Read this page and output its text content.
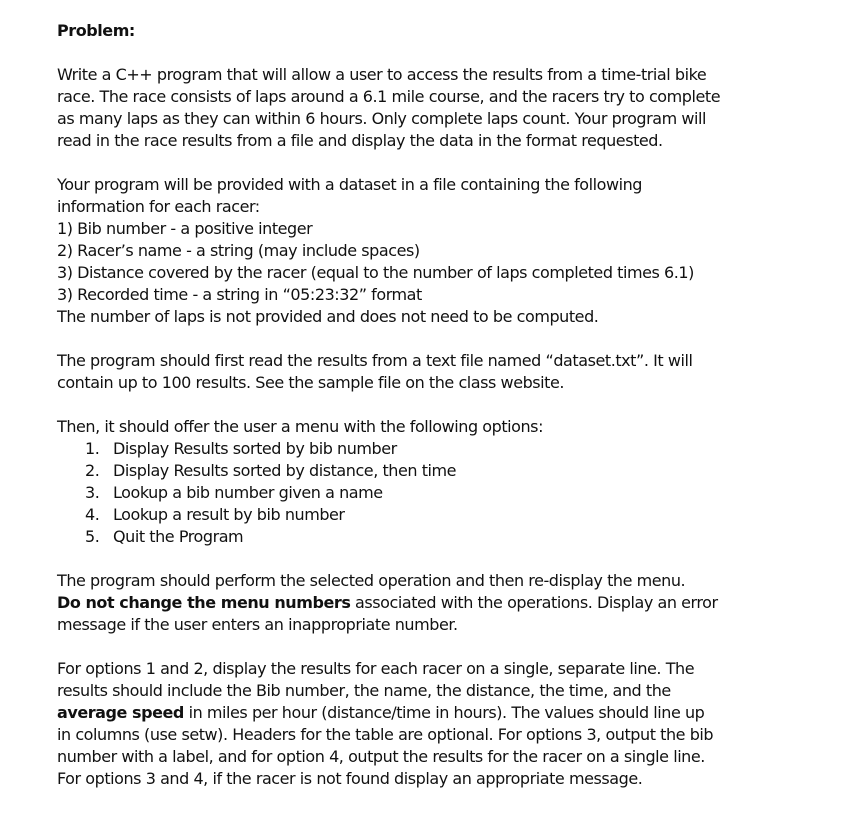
Problem:
Write a C++ program that will allow a user to access the results from a time-trial bike
race. The race consists of laps around a 6.1 mile course, and the racers try to complete
as many laps as they can within 6 hours. Only complete laps count. Your program will
read in the race results from a file and display the data in the format requested.
Your program will be provided with a dataset in a file containing the following
information for each racer:
1) Bib number - a positive integer
2) Racer’s name - a string (may include spaces)
3) Distance covered by the racer (equal to the number of laps completed times 6.1)
3) Recorded time - a string in “05:23:32” format
The number of laps is not provided and does not need to be computed.
The program should first read the results from a text file named “dataset.txt”. It will
contain up to 100 results. See the sample file on the class website.
Then, it should offer the user a menu with the following options:
1. Display Results sorted by bib number
2. Display Results sorted by distance, then time
3. Lookup a bib number given a name
4. Lookup a result by bib number
5. Quit the Program
The program should perform the selected operation and then re-display the menu.
Do not change the menu numbers associated with the operations. Display an error
message if the user enters an inappropriate number.
For options 1 and 2, display the results for each racer on a single, separate line. The
results should include the Bib number, the name, the distance, the time, and the
average speed in miles per hour (distance/time in hours). The values should line up
in columns (use setw). Headers for the table are optional. For options 3, output the bib
number with a label, and for option 4, output the results for the racer on a single line.
For options 3 and 4, if the racer is not found display an appropriate message.
